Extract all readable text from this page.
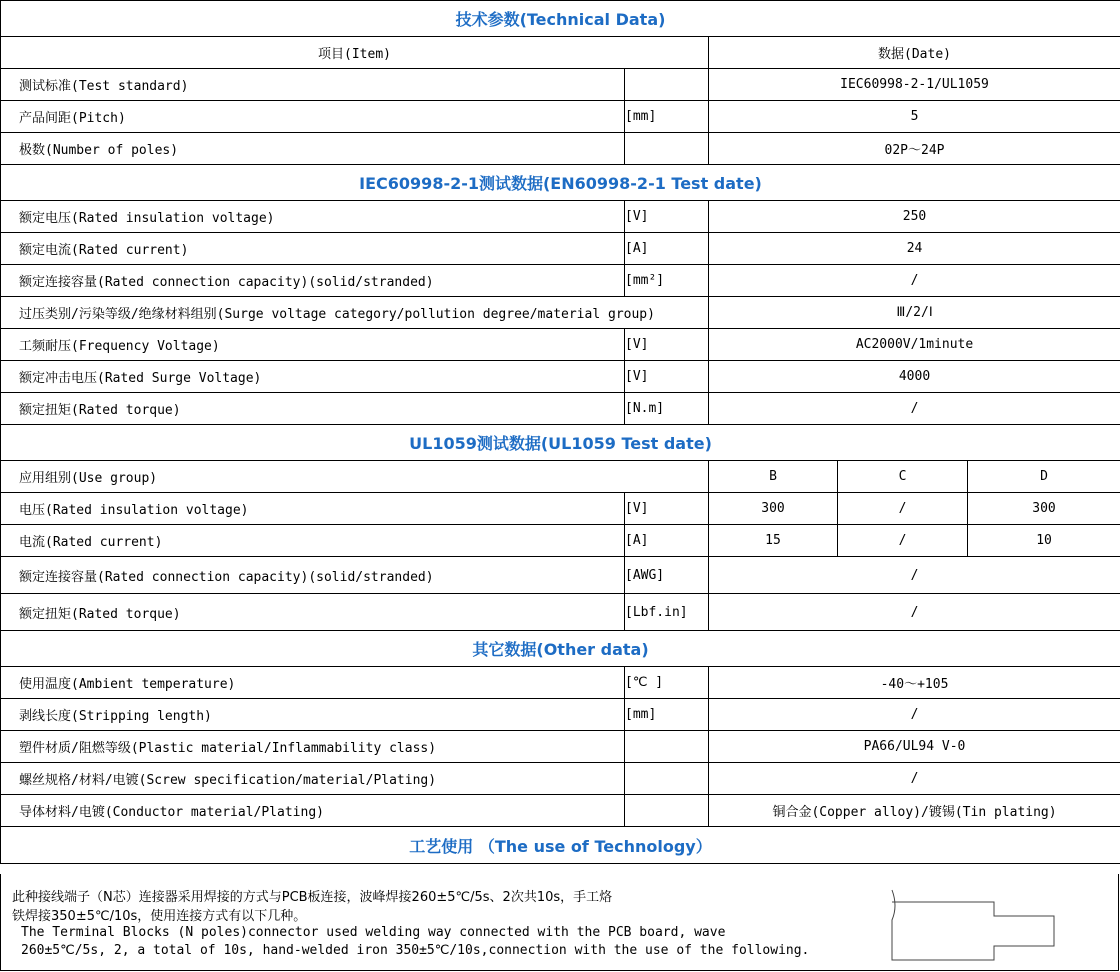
技术参数(Technical Data)				
项目(Item)		数据(Date)		
测试标准(Test standard)		IEC60998-2-1/UL1059		
产品间距(Pitch)	[mm]	5		
极数(Number of poles)		02P～24P		
IEC60998-2-1测试数据(EN60998-2-1 Test date)				
额定电压(Rated insulation voltage)	[V]	250		
额定电流(Rated current)	[A]	24		
额定连接容量(Rated connection capacity)(solid/stranded)	[mm²]	/		
过压类别/污染等级/绝缘材料组别(Surge voltage category/pollution degree/material group)		Ⅲ/2/Ⅰ		
工频耐压(Frequency Voltage)	[V]	AC2000V/1minute		
额定冲击电压(Rated Surge Voltage)	[V]	4000		
额定扭矩(Rated torque)	[N.m]	/		
UL1059测试数据(UL1059 Test date)				
应用组别(Use group)		B	C	D
电压(Rated insulation voltage)	[V]	300	/	300
电流(Rated current)	[A]	15	/	10
额定连接容量(Rated connection capacity)(solid/stranded)	[AWG]	/		
额定扭矩(Rated torque)	[Lbf.in]	/		
其它数据(Other data)				
使用温度(Ambient temperature)	[℃ ]	-40～+105		
剥线长度(Stripping length)	[mm]	/		
塑件材质/阻燃等级(Plastic material/Inflammability class)		PA66/UL94 V-0		
螺丝规格/材料/电镀(Screw specification/material/Plating)		/		
导体材料/电镀(Conductor material/Plating)		铜合金(Copper alloy)/镀锡(Tin plating)		
工艺使用 （The use of Technology）				
此种接线端子（N芯）连接器采用焊接的方式与PCB板连接，波峰焊接260±5℃/5s、2次共10s，手工烙
铁焊接350±5℃/10s，使用连接方式有以下几种。
The Terminal Blocks (N poles)connector used welding way connected with the PCB board, wave
260±5℃/5s, 2, a total of 10s, hand-welded iron 350±5℃/10s,connection with the use of the following.
